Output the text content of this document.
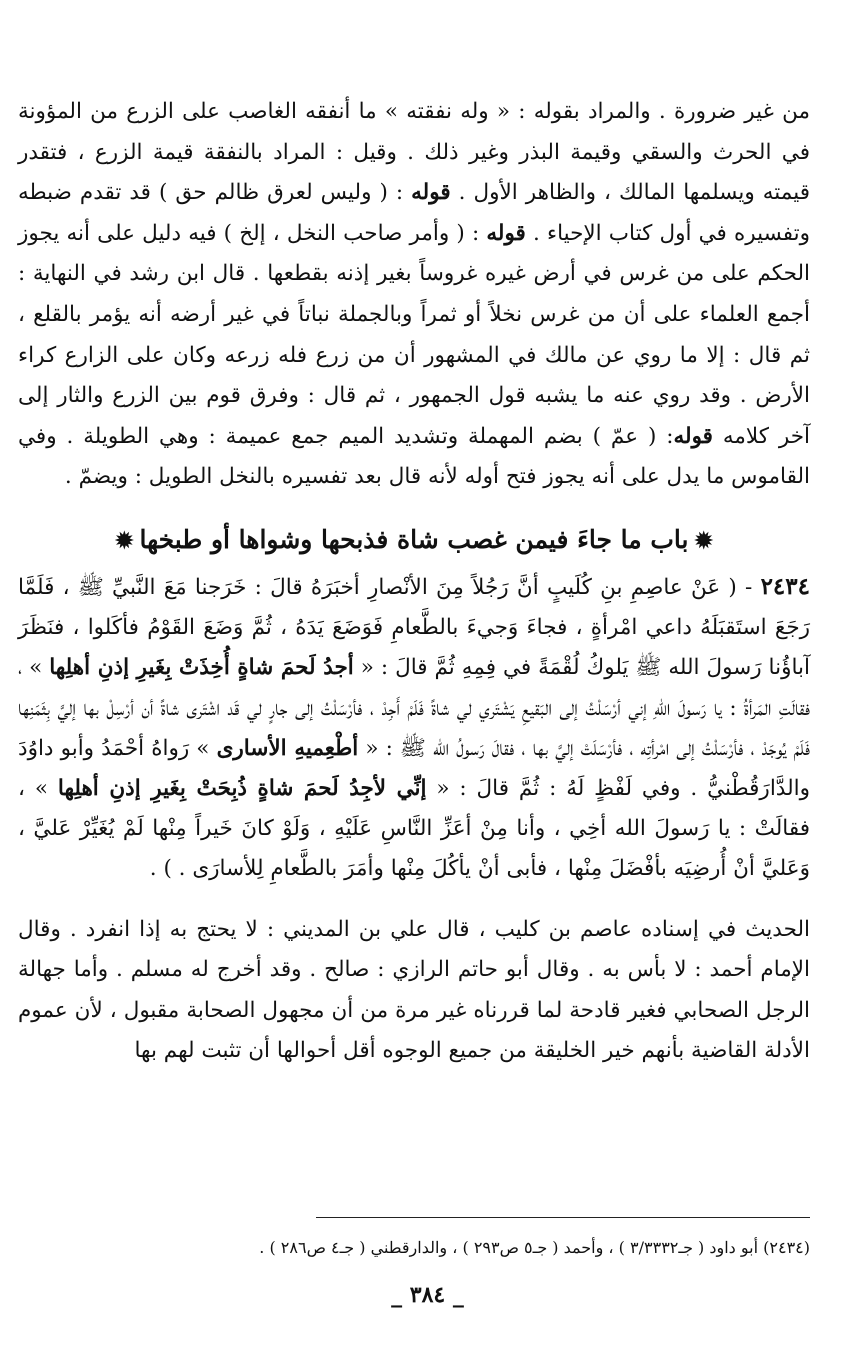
من غير ضرورة . والمراد بقوله : « وله نفقته » ما أنفقه الغاصب على الزرع من المؤونة في الحرث والسقي وقيمة البذر وغير ذلك . وقيل : المراد بالنفقة قيمة الزرع ، فتقدر قيمته ويسلمها المالك ، والظاهر الأول . قوله : ( وليس لعرق ظالم حق ) قد تقدم ضبطه وتفسيره في أول كتاب الإحياء . قوله : ( وأمر صاحب النخل ، إلخ ) فيه دليل على أنه يجوز الحكم على من غرس في أرض غيره غروساً بغير إذنه بقطعها . قال ابن رشد في النهاية : أجمع العلماء على أن من غرس نخلاً أو ثمراً وبالجملة نباتاً في غير أرضه أنه يؤمر بالقلع ، ثم قال : إلا ما روي عن مالك في المشهور أن من زرع فله زرعه وكان على الزارع كراء الأرض . وقد روي عنه ما يشبه قول الجمهور ، ثم قال : وفرق قوم بين الزرع والثار إلى آخر كلامه قوله: ( عمّ ) بضم المهملة وتشديد الميم جمع عميمة : وهي الطويلة . وفي القاموس ما يدل على أنه يجوز فتح أوله لأنه قال بعد تفسيره بالنخل الطويل : ويضمّ .

✹باب ما جاءَ فيمن غصب شاة فذبحها وشواها أو طبخها✹

٢٤٣٤ - ( عَنْ عاصِمِ بنِ كُلَيبٍ أنَّ رَجُلاً مِنَ الأنْصارِ أخبَرَهُ قالَ : خَرَجنا مَعَ النَّبيِّ ﷺ ، فَلَمَّا رَجَعَ استَقبَلَهُ داعي امْرأةٍ ، فجاءَ وَجيءَ بالطَّعامِ فَوَضَعَ يَدَهُ ، ثُمَّ وَضَعَ القَوْمُ فأكَلوا ، فنَظَرَ آباؤُنا رَسولَ الله ﷺ يَلوكُ لُقْمَةً في فِمِهِ ثُمَّ قالَ : « أجدُ لَحمَ شاةٍ أُخِذَتْ بِغَيرِ إذنِ أهلِها » ، فقالَتِ المَرأةُ : يا رَسولَ اللهِ إني أرْسَلْتُ إلى البَقيعِ يَشْتَري لي شاةً فَلَمْ أَجِدْ ، فأرْسَلْتُ إلى جارٍ لي قَد اشْتَرى شاةً أن أرْسِلْ بها إليَّ بِثَمَنِها فَلَمْ يُوجَدْ ، فأرْسَلْتُ إلى امْرأتِه ، فأرْسَلَتْ إليَّ بها ، فقالَ رَسولُ الله ﷺ : « أطْعِميهِ الأسارى » رَواهُ أحْمَدُ وأبو داوُدَ والدَّارَقُطْنيُّ . وفي لَفْظٍ لَهُ : ثُمَّ قالَ : « إنِّي لأجِدُ لَحمَ شاةٍ ذُبِحَتْ بِغَيرِ إذنِ أهلِها » ، فقالَتْ : يا رَسولَ الله أخِي ، وأنا مِنْ أعَزِّ النَّاسِ عَلَيْهِ ، وَلَوْ كانَ خَيراً مِنْها لَمْ يُغَيِّرْ عَليَّ ، وَعَليَّ أنْ أُرضِيَه بأفْضَلَ مِنْها ، فأبى أنْ يأكُلَ مِنْها وأمَرَ بالطَّعامِ لِلأسارَى . ) .

الحديث في إسناده عاصم بن كليب ، قال علي بن المديني : لا يحتج به إذا انفرد . وقال الإمام أحمد : لا بأس به . وقال أبو حاتم الرازي : صالح . وقد أخرج له مسلم . وأما جهالة الرجل الصحابي فغير قادحة لما قررناه غير مرة من أن مجهول الصحابة مقبول ، لأن عموم الأدلة القاضية بأنهم خير الخليقة من جميع الوجوه أقل أحوالها أن تثبت لهم بها

(٢٤٣٤) أبو داود ( جـ٣/٣٣٣٢ ) ، وأحمد ( جـ٥ ص٢٩٣ ) ، والدارقطني ( جـ٤ ص٢٨٦ ) .
_ ٣٨٤ _
